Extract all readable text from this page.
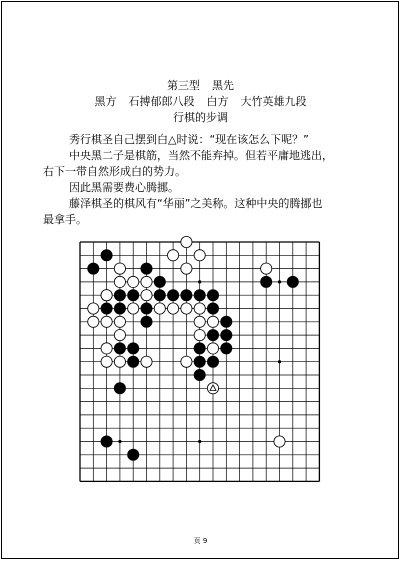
第三型 黑先
黑方 石搏郁郎八段 白方 大竹英雄九段
行棋的步调
秀行棋圣自己摆到白△时说：“现在该怎么下呢？”
中央黑二子是棋筋，当然不能弃掉。但若平庸地逃出，
右下一带自然形成白的势力。
因此黑需要费心腾挪。
藤泽棋圣的棋风有“华丽”之美称。这种中央的腾挪也
最拿手。
页 9
